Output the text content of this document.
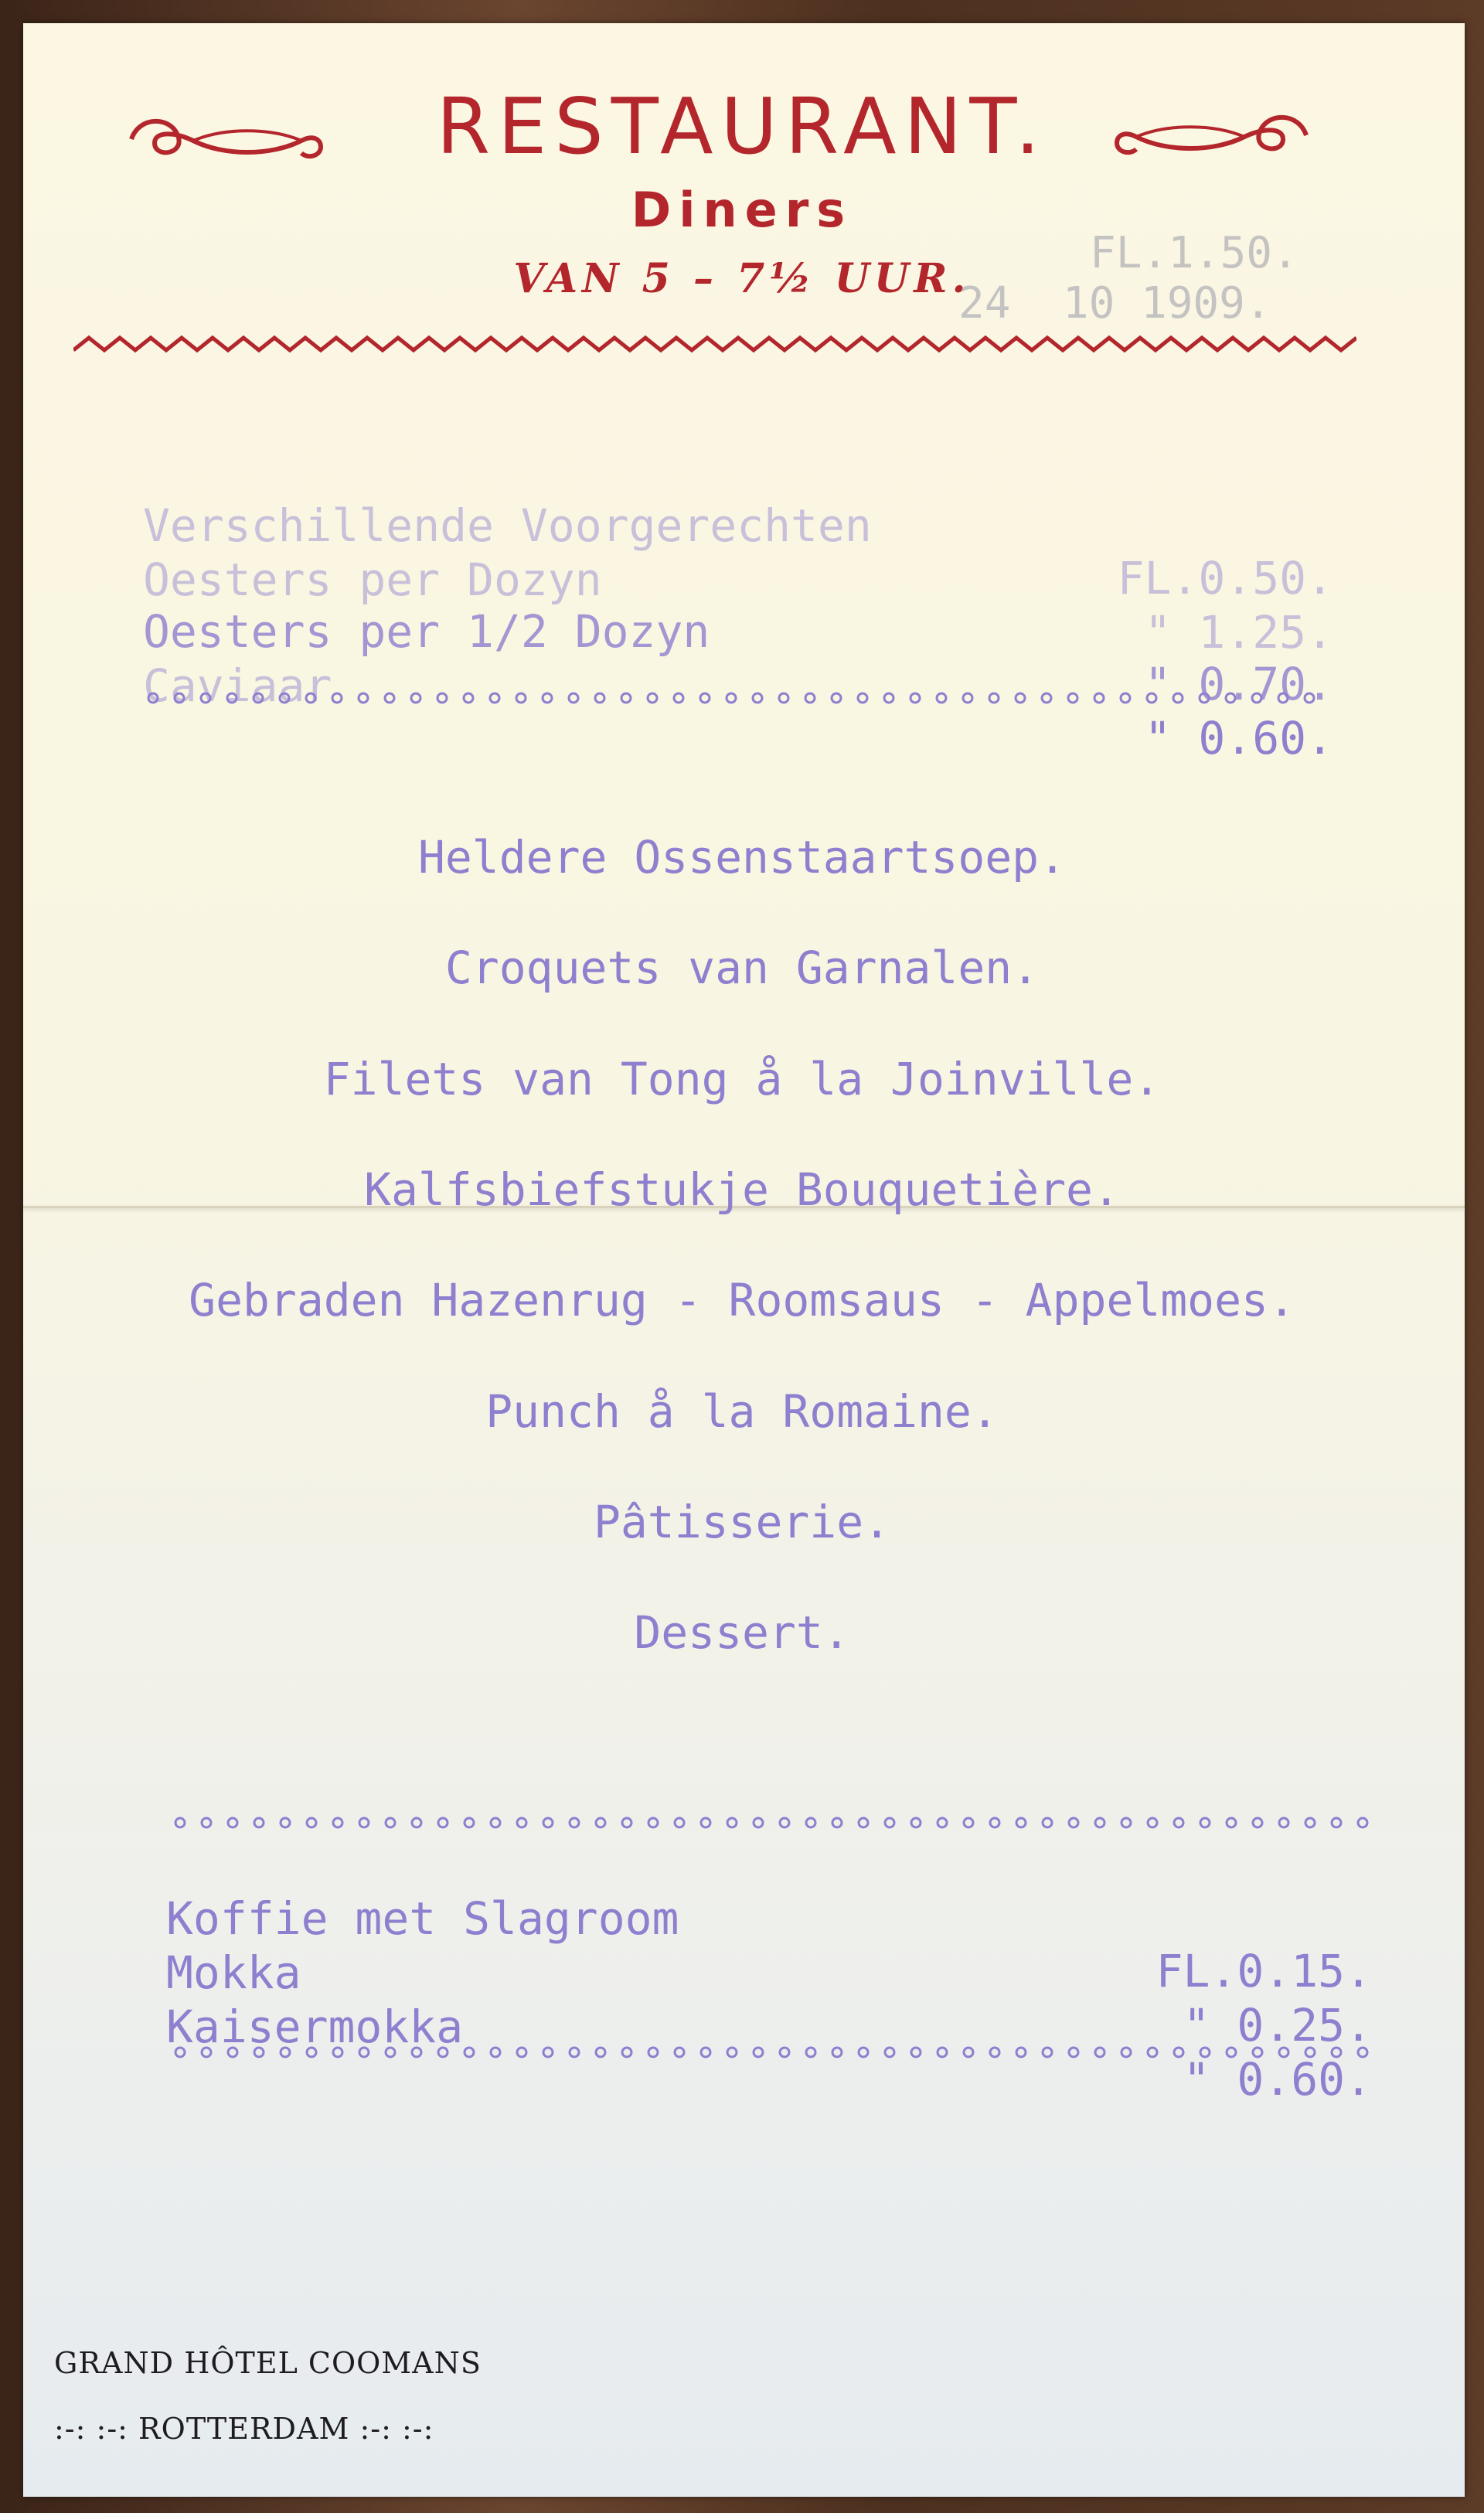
RESTAURANT.
Diners
VAN 5 – 7½ UUR.
FL.1.50.
24  10 1909.

Verschillende Voorgerechten

FL.0.50.

Oesters per Dozyn

" 1.25.

Oesters per 1/2 Dozyn

" 0.70.

Caviaar

" 0.60.

Heldere Ossenstaartsoep.
Croquets van Garnalen.
Filets van Tong å la Joinville.
Kalfsbiefstukje Bouquetière.
Gebraden Hazenrug - Roomsaus - Appelmoes.
Punch å la Romaine.
Pâtisserie.
Dessert.

Koffie met Slagroom

FL.0.15.

Mokka

" 0.25.

Kaisermokka

" 0.60.

GRAND HÔTEL COOMANS
:-: :-: ROTTERDAM :-: :-:
